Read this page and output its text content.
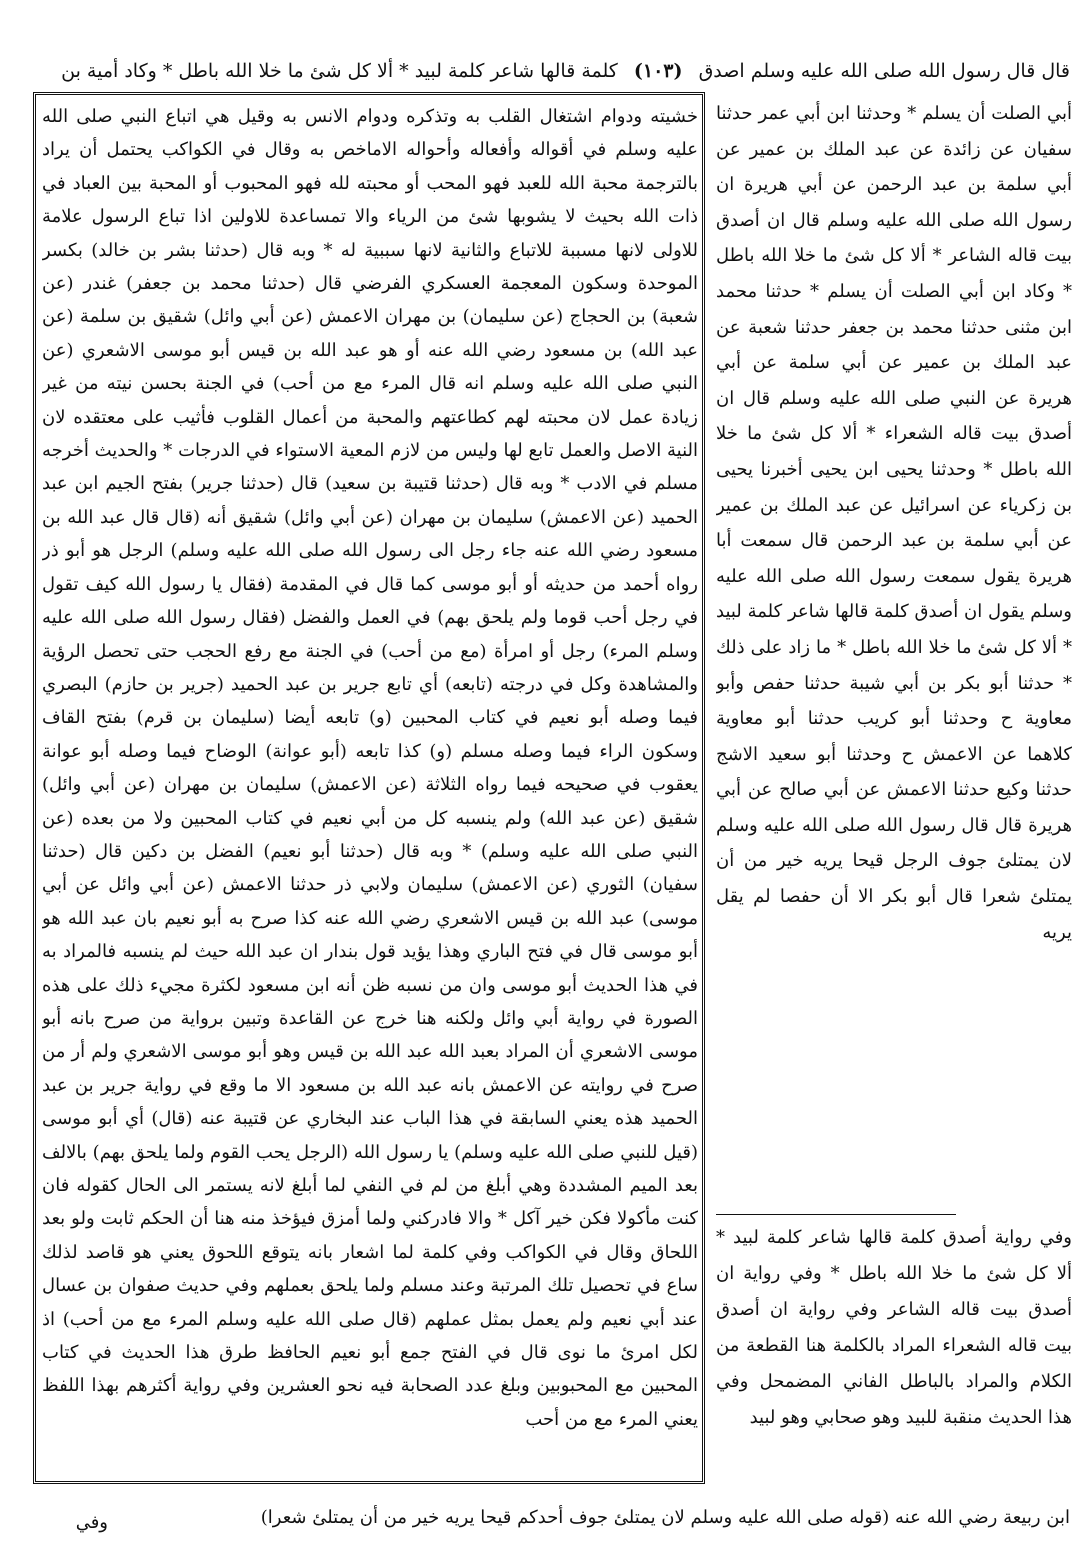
قال قال رسول الله صلى الله عليه وسلم اصدق (١٠٣) كلمة قالها شاعر كلمة لبيد * ألا كل شئ ما خلا الله باطل * وكاد أمية بن
خشيته ودوام اشتغال القلب به وتذكره ودوام الانس به وقيل هي اتباع النبي صلى الله عليه وسلم في أقواله وأفعاله وأحواله الاماخص به وقال في الكواكب يحتمل أن يراد بالترجمة محبة الله للعبد فهو المحب أو محبته لله فهو المحبوب أو المحبة بين العباد في ذات الله بحيث لا يشوبها شئ من الرياء والا تمساعدة للاولين اذا تباع الرسول علامة للاولى لانها مسببة للاتباع والثانية لانها سببية له * وبه قال (حدثنا بشر بن خالد) بكسر الموحدة وسكون المعجمة العسكري الفرضي قال (حدثنا محمد بن جعفر) غندر (عن شعبة) بن الحجاج (عن سليمان) بن مهران الاعمش (عن أبي وائل) شقيق بن سلمة (عن عبد الله) بن مسعود رضي الله عنه أو هو عبد الله بن قيس أبو موسى الاشعري (عن النبي صلى الله عليه وسلم انه قال المرء مع من أحب) في الجنة بحسن نيته من غير زيادة عمل لان محبته لهم كطاعتهم والمحبة من أعمال القلوب فأثيب على معتقده لان النية الاصل والعمل تابع لها وليس من لازم المعية الاستواء في الدرجات * والحديث أخرجه مسلم في الادب * وبه قال (حدثنا قتيبة بن سعيد) قال (حدثنا جرير) بفتح الجيم ابن عبد الحميد (عن الاعمش) سليمان بن مهران (عن أبي وائل) شقيق أنه (قال قال عبد الله بن مسعود رضي الله عنه جاء رجل الى رسول الله صلى الله عليه وسلم) الرجل هو أبو ذر رواه أحمد من حديثه أو أبو موسى كما قال في المقدمة (فقال يا رسول الله كيف تقول في رجل أحب قوما ولم يلحق بهم) في العمل والفضل (فقال رسول الله صلى الله عليه وسلم المرء) رجل أو امرأة (مع من أحب) في الجنة مع رفع الحجب حتى تحصل الرؤية والمشاهدة وكل في درجته (تابعه) أي تابع جرير بن عبد الحميد (جرير بن حازم) البصري فيما وصله أبو نعيم في كتاب المحبين (و) تابعه أيضا (سليمان بن قرم) بفتح القاف وسكون الراء فيما وصله مسلم (و) كذا تابعه (أبو عوانة) الوضاح فيما وصله أبو عوانة يعقوب في صحيحه فيما رواه الثلاثة (عن الاعمش) سليمان بن مهران (عن أبي وائل) شقيق (عن عبد الله) ولم ينسبه كل من أبي نعيم في كتاب المحبين ولا من بعده (عن النبي صلى الله عليه وسلم) * وبه قال (حدثنا أبو نعيم) الفضل بن دكين قال (حدثنا سفيان) الثوري (عن الاعمش) سليمان ولابي ذر حدثنا الاعمش (عن أبي وائل عن أبي موسى) عبد الله بن قيس الاشعري رضي الله عنه كذا صرح به أبو نعيم بان عبد الله هو أبو موسى قال في فتح الباري وهذا يؤيد قول بندار ان عبد الله حيث لم ينسبه فالمراد به في هذا الحديث أبو موسى وان من نسبه ظن أنه ابن مسعود لكثرة مجيء ذلك على هذه الصورة في رواية أبي وائل ولكنه هنا خرج عن القاعدة وتبين برواية من صرح بانه أبو موسى الاشعري أن المراد بعبد الله عبد الله بن قيس وهو أبو موسى الاشعري ولم أر من صرح في روايته عن الاعمش بانه عبد الله بن مسعود الا ما وقع في رواية جرير بن عبد الحميد هذه يعني السابقة في هذا الباب عند البخاري عن قتيبة عنه (قال) أي أبو موسى (قيل للنبي صلى الله عليه وسلم) يا رسول الله (الرجل يحب القوم ولما يلحق بهم) بالالف بعد الميم المشددة وهي أبلغ من لم في النفي لما أبلغ لانه يستمر الى الحال كقوله فان كنت مأكولا فكن خير آكل * والا فادركني ولما أمزق فيؤخذ منه هنا أن الحكم ثابت ولو بعد اللحاق وقال في الكواكب وفي كلمة لما اشعار بانه يتوقع اللحوق يعني هو قاصد لذلك ساع في تحصيل تلك المرتبة وعند مسلم ولما يلحق بعملهم وفي حديث صفوان بن عسال عند أبي نعيم ولم يعمل بمثل عملهم (قال صلى الله عليه وسلم المرء مع من أحب) اذ لكل امرئ ما نوى قال في الفتح جمع أبو نعيم الحافظ طرق هذا الحديث في كتاب المحبين مع المحبوبين وبلغ عدد الصحابة فيه نحو العشرين وفي رواية أكثرهم بهذا اللفظ يعني المرء مع من أحب
أبي الصلت أن يسلم * وحدثنا ابن أبي عمر حدثنا سفيان عن زائدة عن عبد الملك بن عمير عن أبي سلمة بن عبد الرحمن عن أبي هريرة ان رسول الله صلى الله عليه وسلم قال ان أصدق بيت قاله الشاعر * ألا كل شئ ما خلا الله باطل * وكاد ابن أبي الصلت أن يسلم * حدثنا محمد ابن مثنى حدثنا محمد بن جعفر حدثنا شعبة عن عبد الملك بن عمير عن أبي سلمة عن أبي هريرة عن النبي صلى الله عليه وسلم قال ان أصدق بيت قاله الشعراء * ألا كل شئ ما خلا الله باطل * وحدثنا يحيى ابن يحيى أخبرنا يحيى بن زكرياء عن اسرائيل عن عبد الملك بن عمير عن أبي سلمة بن عبد الرحمن قال سمعت أبا هريرة يقول سمعت رسول الله صلى الله عليه وسلم يقول ان أصدق كلمة قالها شاعر كلمة لبيد * ألا كل شئ ما خلا الله باطل * ما زاد على ذلك * حدثنا أبو بكر بن أبي شيبة حدثنا حفص وأبو معاوية ح وحدثنا أبو كريب حدثنا أبو معاوية كلاهما عن الاعمش ح وحدثنا أبو سعيد الاشج حدثنا وكيع حدثنا الاعمش عن أبي صالح عن أبي هريرة قال قال رسول الله صلى الله عليه وسلم لان يمتلئ جوف الرجل قيحا يريه خير من أن يمتلئ شعرا قال أبو بكر الا أن حفصا لم يقل يريه
وفي رواية أصدق كلمة قالها شاعر كلمة لبيد * ألا كل شئ ما خلا الله باطل * وفي رواية ان أصدق بيت قاله الشاعر وفي رواية ان أصدق بيت قاله الشعراء المراد بالكلمة هنا القطعة من الكلام والمراد بالباطل الفاني المضمحل وفي هذا الحديث منقبة للبيد وهو صحابي وهو لبيد
ابن ربيعة رضي الله عنه (قوله صلى الله عليه وسلم لان يمتلئ جوف أحدكم قيحا يريه خير من أن يمتلئ شعرا)
وفي
